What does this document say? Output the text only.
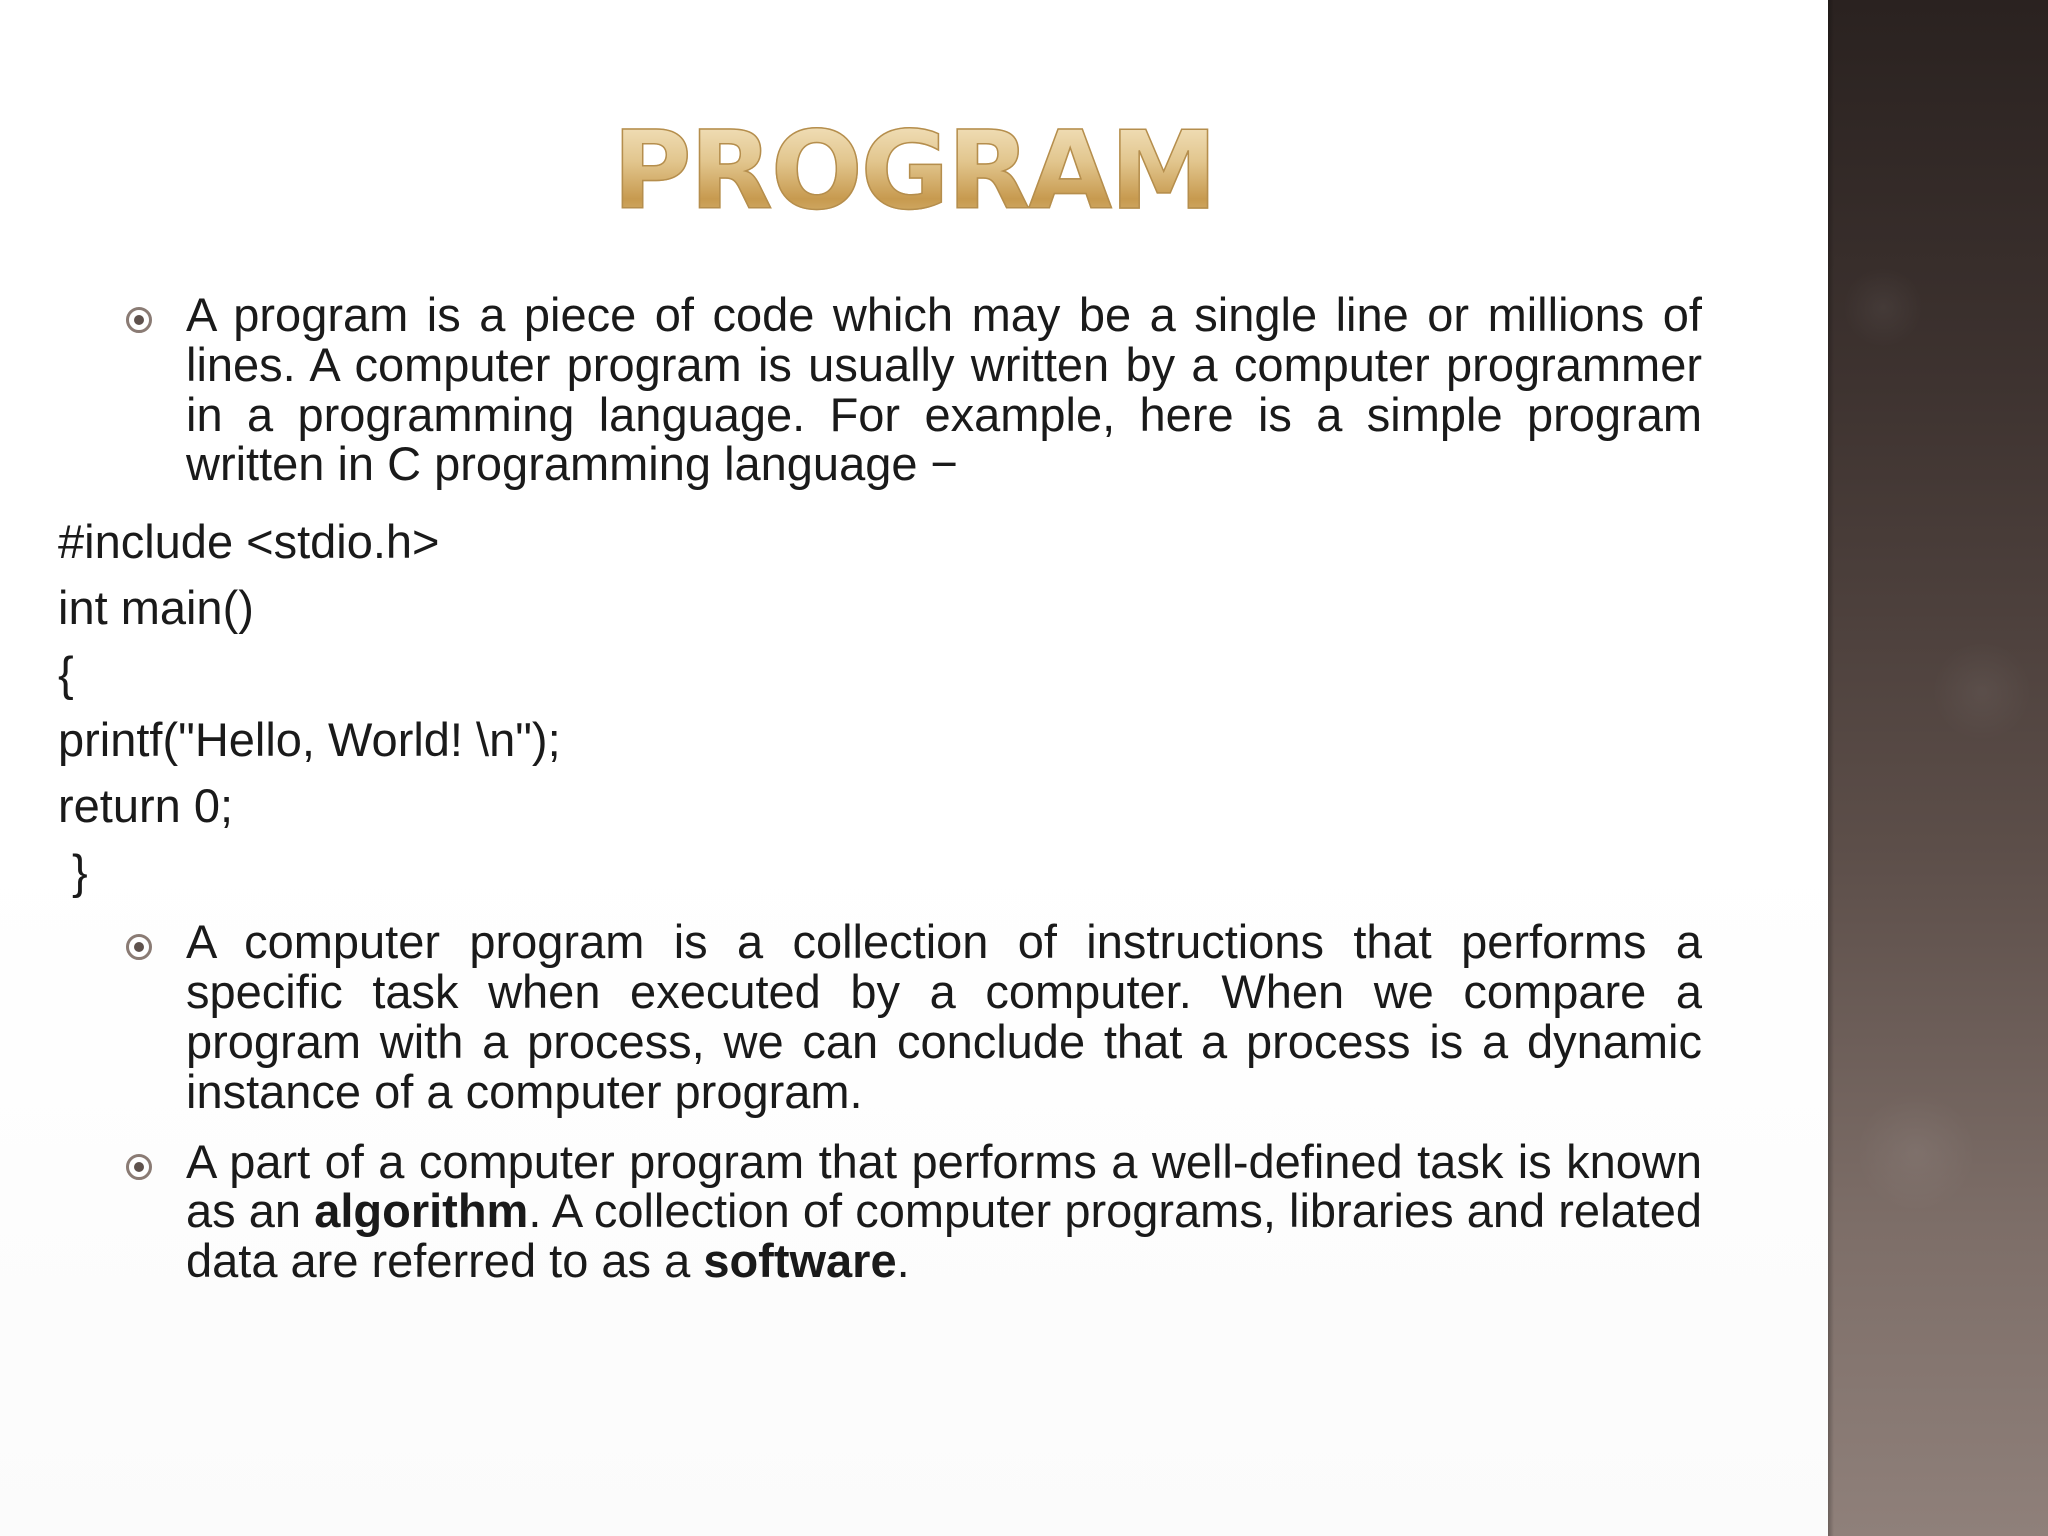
PROGRAM

A program is a piece of code which may be a single line or millions of lines. A computer program is usually written by a computer programmer in a programming language. For example, here is a simple program written in C programming language −

#include <stdio.h>

int main()

{

printf("Hello, World! \n");

return 0;

}

A computer program is a collection of instructions that performs a specific task when executed by a computer. When we compare a program with a process, we can conclude that a process is a dynamic instance of a computer program.

A part of a computer program that performs a well-defined task is known as an algorithm. A collection of computer programs, libraries and related data are referred to as a software.
